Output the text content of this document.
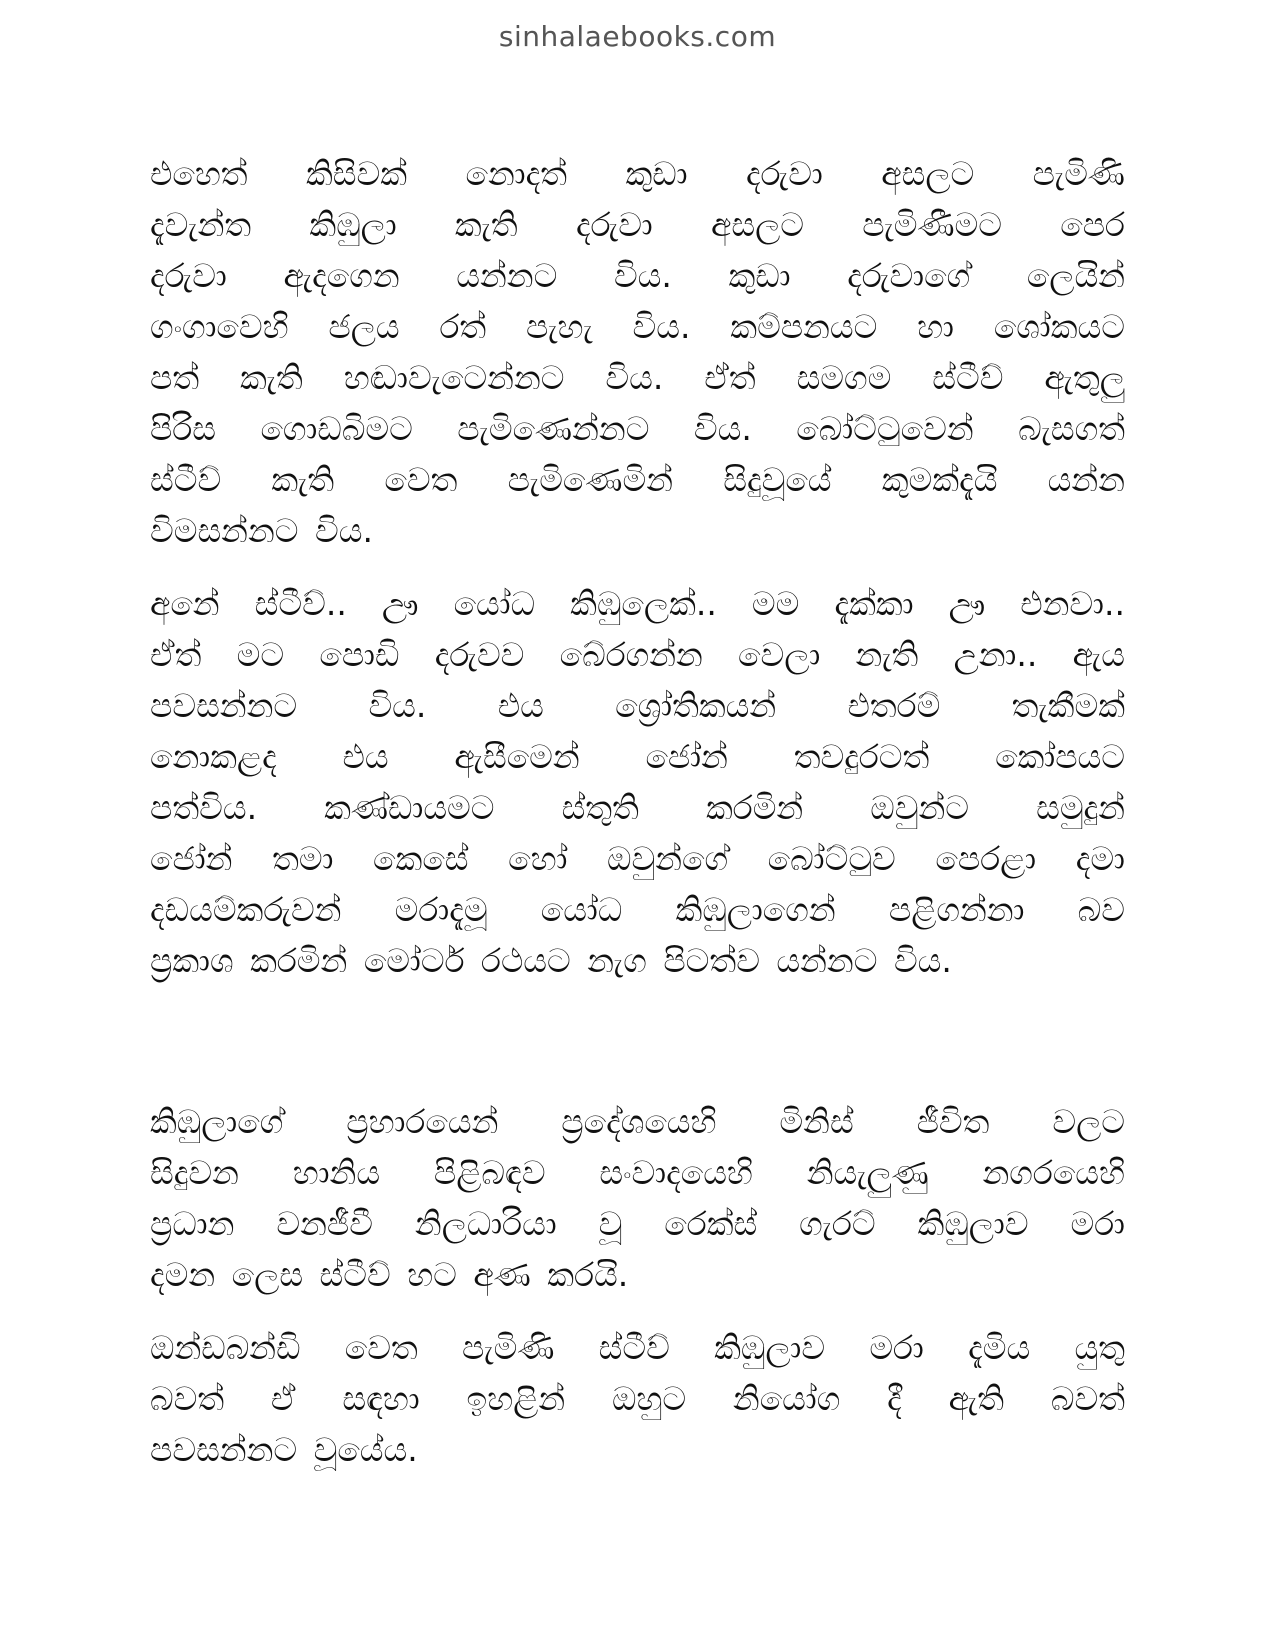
sinhalaebooks.com
එහෙත් කිසිවක් නොදත් කුඩා දරුවා අසලට පැමිණි
දැවැන්ත කිඹුලා කැති දරුවා අසලට පැමිණීමට පෙර
දරුවා ඇදගෙන යන්නට විය. කුඩා දරුවාගේ ලෙයින්
ගංගාවෙහි ජලය රත් පැහැ විය. කම්පනයට හා ශෝකයට
පත් කැති හඬාවැටෙන්නට විය. ඒත් සමගම ස්ටීව් ඇතුලු
පිරිස ගොඩබිමට පැමිණෙන්නට විය. බෝට්ටුවෙන් බැසගත්
ස්ටීව් කැති වෙත පැමිණෙමින් සිදුවූයේ කුමක්දැයි යන්න
විමසන්නට විය.
අනේ ස්ටීව්.. ඌ යෝධ කිඹුලෙක්.. මම දැක්කා ඌ එනවා..
ඒත් මට පොඩි දරුවව බේරගන්න වෙලා නැති උනා.. ඇය
පවසන්නට විය. එය ශ්‍රෝතිකයන් එතරම් තැකීමක්
නොකළද එය ඇසීමෙන් ජෝන් තවදුරටත් කෝපයට
පත්විය. කණ්ඩායමට ස්තුති කරමින් ඔවුන්ට සමුදුන්
ජෝන් තමා කෙසේ හෝ ඔවුන්ගේ බෝට්ටුව පෙරළා දමා
දඩයම්කරුවන් මරාදැමූ යෝධ කිඹුලාගෙන් පළිගන්නා බව
ප්‍රකාශ කරමින් මෝටර් රථයට නැග පිටත්ව යන්නට විය.
කිඹුලාගේ ප්‍රහාරයෙන් ප්‍රදේශයෙහි මිනිස් ජීවිත වලට
සිදුවන හානිය පිළිබඳව සංවාදයෙහි නියැලුණු නගරයෙහි
ප්‍රධාන වනජීවී නිලධාරියා වූ රෙක්ස් ගැරට් කිඹුලාව මරා
දමන ලෙස ස්ටීව් හට අණ කරයි.
ඔන්ඩබන්ඩි වෙත පැමිණි ස්ටීව් කිඹුලාව මරා දැමිය යුතු
බවත් ඒ සඳහා ඉහළින් ඔහුට නියෝග දී ඇති බවත්
පවසන්නට වූයේය.
